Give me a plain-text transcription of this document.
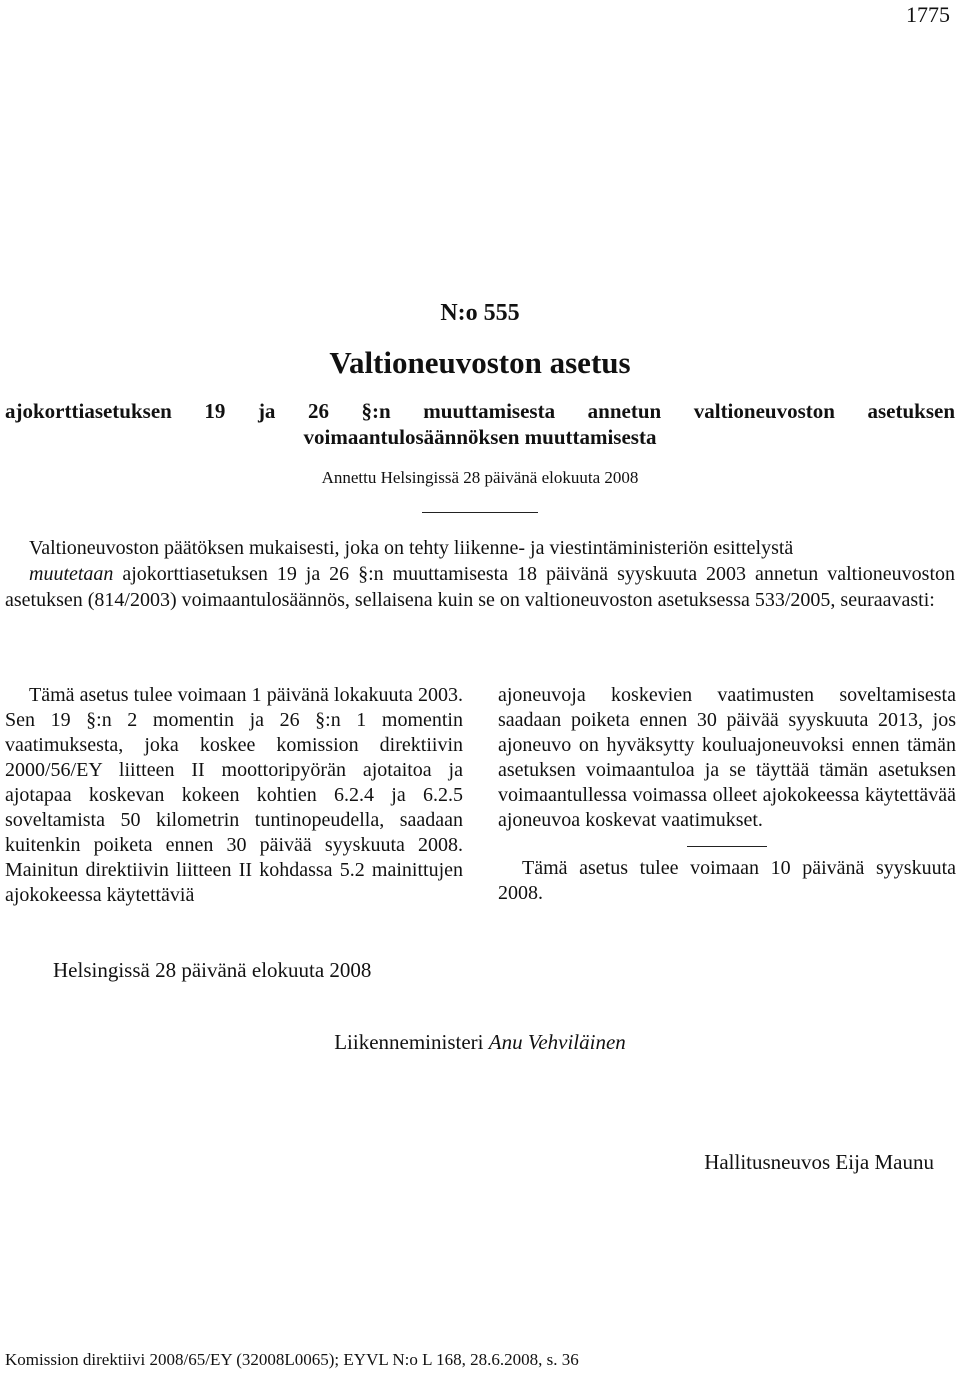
1775
N:o 555
Valtioneuvoston asetus
ajokorttiasetuksen 19 ja 26 §:n muuttamisesta annetun valtioneuvoston asetuksen voimaantulosäännöksen muuttamisesta
Annettu Helsingissä 28 päivänä elokuuta 2008

Valtioneuvoston päätöksen mukaisesti, joka on tehty liikenne- ja viestintäministeriön esittelystä

muutetaan ajokorttiasetuksen 19 ja 26 §:n muuttamisesta 18 päivänä syyskuuta 2003 annetun valtioneuvoston asetuksen (814/2003) voimaantulosäännös, sellaisena kuin se on valtioneuvoston asetuksessa 533/2005, seuraavasti:

Tämä asetus tulee voimaan 1 päivänä lokakuuta 2003. Sen 19 §:n 2 momentin ja 26 §:n 1 momentin vaatimuksesta, joka koskee komission direktiivin 2000/56/EY liitteen II moottoripyörän ajotaitoa ja ajotapaa koskevan kokeen kohtien 6.2.4 ja 6.2.5 soveltamista 50 kilometrin tuntinopeudella, saadaan kuitenkin poiketa ennen 30 päivää syyskuuta 2008. Mainitun direktiivin liitteen II kohdassa 5.2 mainittujen ajokokeessa käytettäviä

ajoneuvoja koskevien vaatimusten soveltamisesta saadaan poiketa ennen 30 päivää syyskuuta 2013, jos ajoneuvo on hyväksytty kouluajoneuvoksi ennen tämän asetuksen voimaantuloa ja se täyttää tämän asetuksen voimaantullessa voimassa olleet ajokokeessa käytettävää ajoneuvoa koskevat vaatimukset.

Tämä asetus tulee voimaan 10 päivänä syyskuuta 2008.

Helsingissä 28 päivänä elokuuta 2008
Liikenneministeri Anu Vehviläinen
Hallitusneuvos Eija Maunu
Komission direktiivi 2008/65/EY (32008L0065); EYVL N:o L 168, 28.6.2008, s. 36
